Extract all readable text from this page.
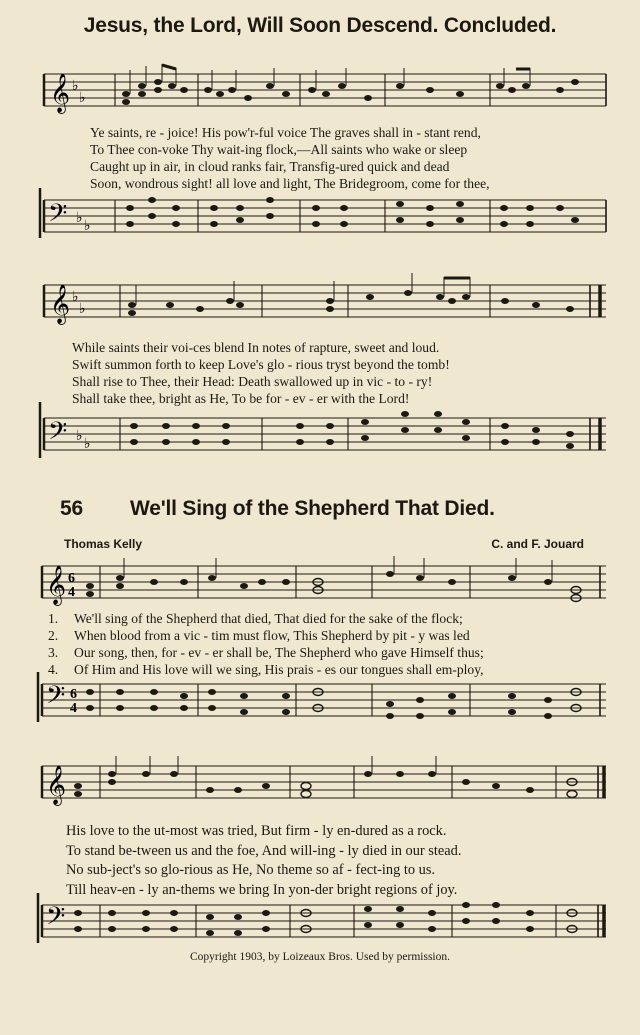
Jesus, the Lord, Will Soon Descend. Concluded.
𝄞 ♭
♭
Ye saints, re - joice! His pow'r-ful voice The graves shall in - stant rend,
To Thee con-voke Thy wait-ing flock,—All saints who wake or sleep
Caught up in air, in cloud ranks fair, Transfig-ured quick and dead
Soon, wondrous sight! all love and light, The Bridegroom, come for thee,
𝄢 ♭
♭
𝄞 ♭
♭
While saints their voi-ces blend In notes of rapture, sweet and loud.
Swift summon forth to keep Love's glo - rious tryst beyond the tomb!
Shall rise to Thee, their Head: Death swallowed up in vic - to - ry!
Shall take thee, bright as He, To be for - ev - er with the Lord!
𝄢 ♭
♭
56 We'll Sing of the Shepherd That Died.
Thomas Kelly	C. and F. Jouard
𝄞 6
4
1. We'll sing of the Shepherd that died, That died for the sake of the flock;
2. When blood from a vic - tim must flow, This Shepherd by pit - y was led
3. Our song, then, for - ev - er shall be, The Shepherd who gave Himself thus;
4. Of Him and His love will we sing, His prais - es our tongues shall em-ploy,
𝄢 6
4
𝄞
His love to the ut-most was tried, But firm - ly en-dured as a rock.
To stand be-tween us and the foe, And will-ing - ly died in our stead.
No sub-ject's so glo-rious as He, No theme so af - fect-ing to us.
Till heav-en - ly an-thems we bring In yon-der bright regions of joy.
𝄢
Copyright 1903, by Loizeaux Bros. Used by permission.
